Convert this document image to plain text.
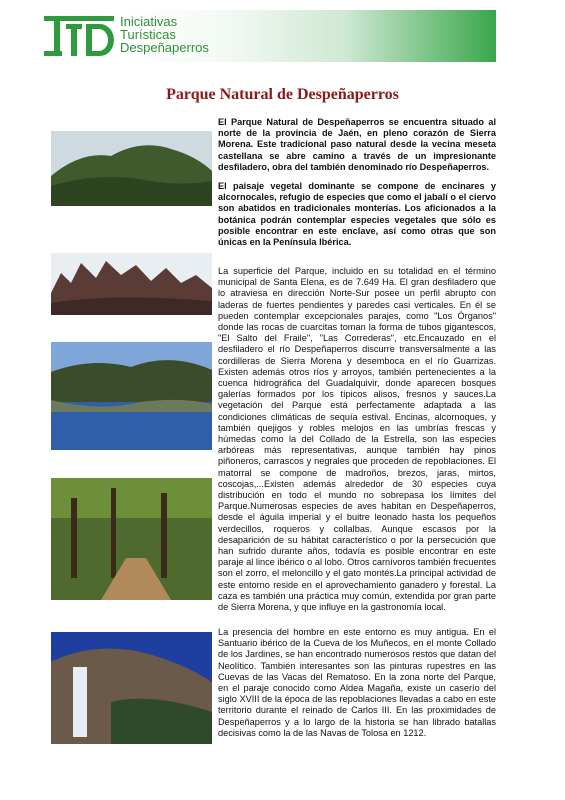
Iniciativas
Turísticas
Despeñaperros
Parque Natural de Despeñaperros

El Parque Natural de Despeñaperros se encuentra situado al norte de la provincia de Jaén, en pleno corazón de Sierra Morena. Este tradicional paso natural desde la vecina meseta castellana se abre camino a través de un impresionante desfiladero, obra del también denominado río Despeñaperros.

El paisaje vegetal dominante se compone de encinares y alcornocales, refugio de especies que como el jabalí o el ciervo son abatidos en tradicionales monterías. Los aficionados a la botánica podrán contemplar especies vegetales que sólo es posible encontrar en este enclave, así como otras que son únicas en la Península Ibérica.

La superficie del Parque, incluido en su totalidad en el término municipal de Santa Elena, es de 7.649 Ha. El gran desfiladero que lo atraviesa en dirección Norte-Sur posee un perfil abrupto con laderas de fuertes pendientes y paredes casi verticales. En él se pueden contemplar excepcionales parajes, como "Los Órganos" donde las rocas de cuarcitas toman la forma de tubos gigantescos, "El Salto del Fraile", "Las Correderas", etc.Encauzado en el desfiladero el río Despeñaperros discurre transversalmente a las cordilleras de Sierra Morena y desemboca en el río Guarrizas. Existen además otros ríos y arroyos, también pertenecientes a la cuenca hidrográfica del Guadalquivir, donde aparecen bosques galerías formados por los típicos alisos, fresnos y sauces.La vegetación del Parque está perfectamente adaptada a las condiciones climáticas de sequía estival. Encinas, alcornoques, y también quejigos y robles melojos en las umbrías frescas y húmedas como la del Collado de la Estrella, son las especies arbóreas más representativas, aunque también hay pinos piñoneros, carrascos y negrales que proceden de repoblaciones. El matorral se compone de madroños, brezos, jaras, mirtos, coscojas,...Existen además alrededor de 30 especies cuya distribución en todo el mundo no sobrepasa los límites del Parque.Numerosas especies de aves habitan en Despeñaperros, desde el águila imperial y el buitre leonado hasta los pequeños verdecillos, roqueros y collalbas. Aunque escasos por la desaparición de su hábitat característico o por la persecución que han sufrido durante años, todavía es posible encontrar en este paraje al lince ibérico o al lobo. Otros carnívoros también frecuentes son el zorro, el meloncillo y el gato montés.La principal actividad de este entorno reside en el aprovechamiento ganadero y forestal. La caza es también una práctica muy común, extendida por gran parte de Sierra Morena, y que influye en la gastronomía local.

La presencia del hombre en este entorno es muy antigua. En el Santuario ibérico de la Cueva de los Muñecos, en el monte Collado de los Jardines, se han encontrado numerosos restos que datan del Neolítico. También interesantes son las pinturas rupestres en las Cuevas de las Vacas del Rematoso. En la zona norte del Parque, en el paraje conocido como Aldea Magaña, existe un caserío del siglo XVIII de la época de las repoblaciones llevadas a cabo en este territorio durante el reinado de Carlos III. En las proximidades de Despeñaperros y a lo largo de la historia se han librado batallas decisivas como la de las Navas de Tolosa en 1212.
